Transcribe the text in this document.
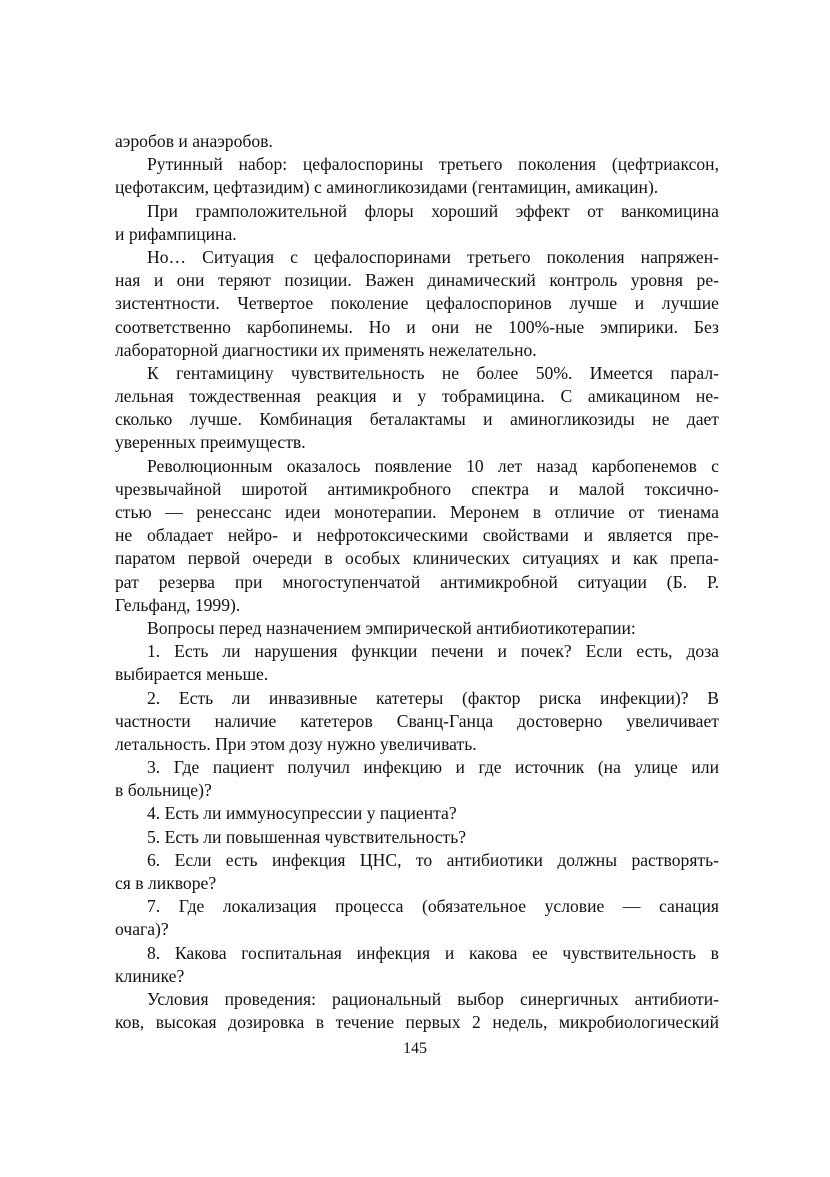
аэробов и анаэробов.
Рутинный набор: цефалоспорины третьего поколения (цефтриаксон,
цефотаксим, цефтазидим) с аминогликозидами (гентамицин, амикацин).
При грамположительной флоры хороший эффект от ванкомицина
и рифампицина.
Но… Ситуация с цефалоспоринами третьего поколения напряжен-
ная и они теряют позиции. Важен динамический контроль уровня ре-
зистентности. Четвертое поколение цефалоспоринов лучше и лучшие
соответственно карбопинемы. Но и они не 100%-ные эмпирики. Без
лабораторной диагностики их применять нежелательно.
К гентамицину чувствительность не более 50%. Имеется парал-
лельная тождественная реакция и у тобрамицина. С амикацином не-
сколько лучше. Комбинация беталактамы и аминогликозиды не дает
уверенных преимуществ.
Революционным оказалось появление 10 лет назад карбопенемов с
чрезвычайной широтой антимикробного спектра и малой токсично-
стью — ренессанс идеи монотерапии. Меронем в отличие от тиенама
не обладает нейро- и нефротоксическими свойствами и является пре-
паратом первой очереди в особых клинических ситуациях и как препа-
рат резерва при многоступенчатой антимикробной ситуации (Б. Р.
Гельфанд, 1999).
Вопросы перед назначением эмпирической антибиотикотерапии:
1. Есть ли нарушения функции печени и почек? Если есть, доза
выбирается меньше.
2. Есть ли инвазивные катетеры (фактор риска инфекции)? В
частности наличие катетеров Сванц-Ганца достоверно увеличивает
летальность. При этом дозу нужно увеличивать.
3. Где пациент получил инфекцию и где источник (на улице или
в больнице)?
4. Есть ли иммуносупрессии у пациента?
5. Есть ли повышенная чувствительность?
6. Если есть инфекция ЦНС, то антибиотики должны растворять-
ся в ликворе?
7. Где локализация процесса (обязательное условие — санация
очага)?
8. Какова госпитальная инфекция и какова ее чувствительность в
клинике?
Условия проведения: рациональный выбор синергичных антибиоти-
ков, высокая дозировка в течение первых 2 недель, микробиологический
145
